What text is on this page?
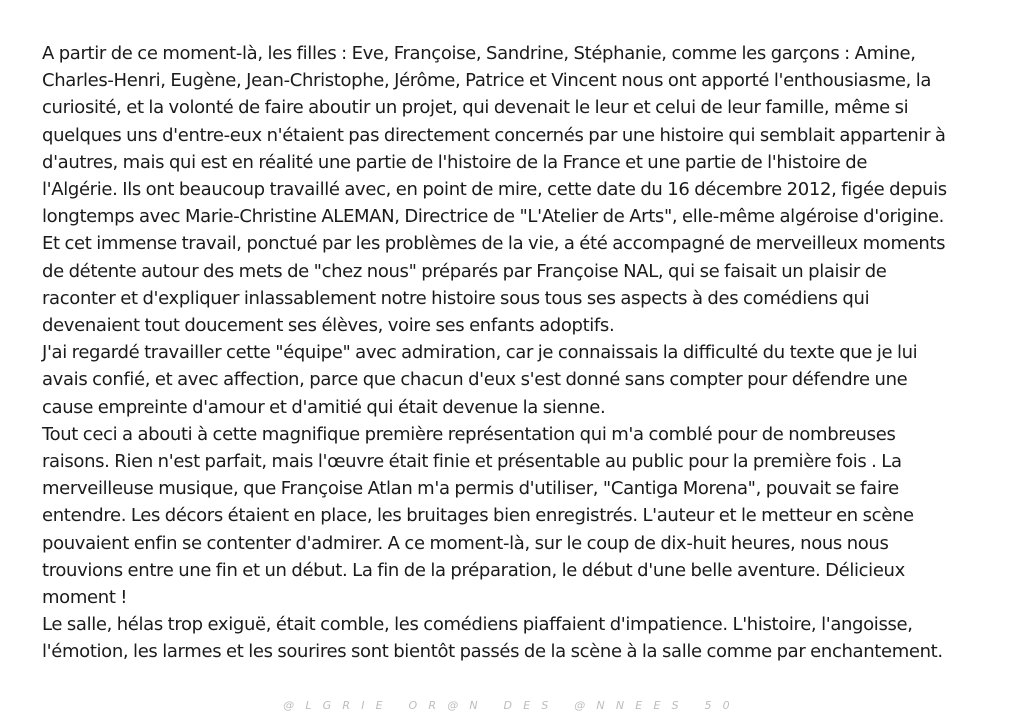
A partir de ce moment-là, les filles : Eve, Françoise, Sandrine, Stéphanie, comme les garçons : Amine,
Charles-Henri, Eugène, Jean-Christophe, Jérôme, Patrice et Vincent nous ont apporté l'enthousiasme, la
curiosité, et la volonté de faire aboutir un projet, qui devenait le leur et celui de leur famille, même si
quelques uns d'entre-eux n'étaient pas directement concernés par une histoire qui semblait appartenir à
d'autres, mais qui est en réalité une partie de l'histoire de la France et une partie de l'histoire de
l'Algérie. Ils ont beaucoup travaillé avec, en point de mire, cette date du 16 décembre 2012, figée depuis
longtemps avec Marie-Christine ALEMAN, Directrice de "L'Atelier de Arts", elle-même algéroise d'origine.
Et cet immense travail, ponctué par les problèmes de la vie, a été accompagné de merveilleux moments
de détente autour des mets de "chez nous" préparés par Françoise NAL, qui se faisait un plaisir de
raconter et d'expliquer inlassablement notre histoire sous tous ses aspects à des comédiens qui
devenaient tout doucement ses élèves, voire ses enfants adoptifs.

J'ai regardé travailler cette "équipe" avec admiration, car je connaissais la difficulté du texte que je lui
avais confié, et avec affection, parce que chacun d'eux s'est donné sans compter pour défendre une
cause empreinte d'amour et d'amitié qui était devenue la sienne.

Tout ceci a abouti à cette magnifique première représentation qui m'a comblé pour de nombreuses
raisons. Rien n'est parfait, mais l'œuvre était finie et présentable au public pour la première fois . La
merveilleuse musique, que Françoise Atlan m'a permis d'utiliser, "Cantiga Morena", pouvait se faire
entendre. Les décors étaient en place, les bruitages bien enregistrés. L'auteur et le metteur en scène
pouvaient enfin se contenter d'admirer. A ce moment-là, sur le coup de dix-huit heures, nous nous
trouvions entre une fin et un début. La fin de la préparation, le début d'une belle aventure. Délicieux
moment !

Le salle, hélas trop exiguë, était comble, les comédiens piaffaient d'impatience. L'histoire, l'angoisse,
l'émotion, les larmes et les sourires sont bientôt passés de la scène à la salle comme par enchantement.

@LGRIE OR@N DES @NNEES 50
